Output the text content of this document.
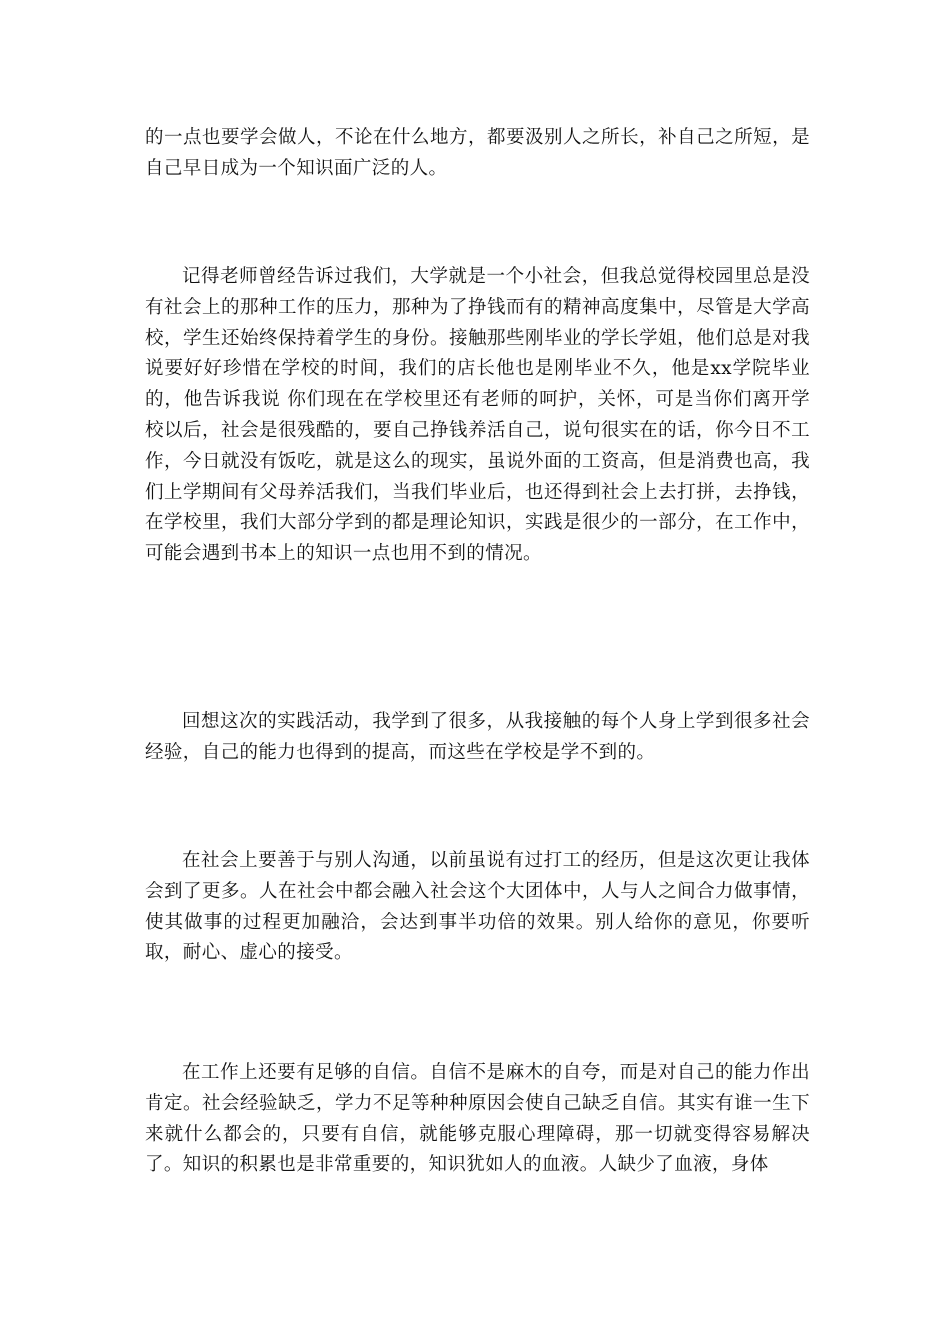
的一点也要学会做人，不论在什么地方，都要汲别人之所长，补自己之所短，是自己早日成为一个知识面广泛的人。

记得老师曾经告诉过我们，大学就是一个小社会，但我总觉得校园里总是没有社会上的那种工作的压力，那种为了挣钱而有的精神高度集中，尽管是大学高校，学生还始终保持着学生的身份。接触那些刚毕业的学长学姐，他们总是对我说要好好珍惜在学校的时间，我们的店长他也是刚毕业不久，他是xx学院毕业的，他告诉我说 你们现在在学校里还有老师的呵护，关怀，可是当你们离开学校以后，社会是很残酷的，要自己挣钱养活自己，说句很实在的话，你今日不工作，今日就没有饭吃，就是这么的现实，虽说外面的工资高，但是消费也高，我们上学期间有父母养活我们，当我们毕业后，也还得到社会上去打拼，去挣钱，在学校里，我们大部分学到的都是理论知识，实践是很少的一部分，在工作中，可能会遇到书本上的知识一点也用不到的情况。

回想这次的实践活动，我学到了很多，从我接触的每个人身上学到很多社会经验，自己的能力也得到的提高，而这些在学校是学不到的。

在社会上要善于与别人沟通，以前虽说有过打工的经历，但是这次更让我体会到了更多。人在社会中都会融入社会这个大团体中，人与人之间合力做事情，使其做事的过程更加融洽，会达到事半功倍的效果。别人给你的意见，你要听取，耐心、虚心的接受。

在工作上还要有足够的自信。自信不是麻木的自夸，而是对自己的能力作出肯定。社会经验缺乏，学力不足等种种原因会使自己缺乏自信。其实有谁一生下来就什么都会的，只要有自信，就能够克服心理障碍，那一切就变得容易解决了。知识的积累也是非常重要的，知识犹如人的血液。人缺少了血液，身体
